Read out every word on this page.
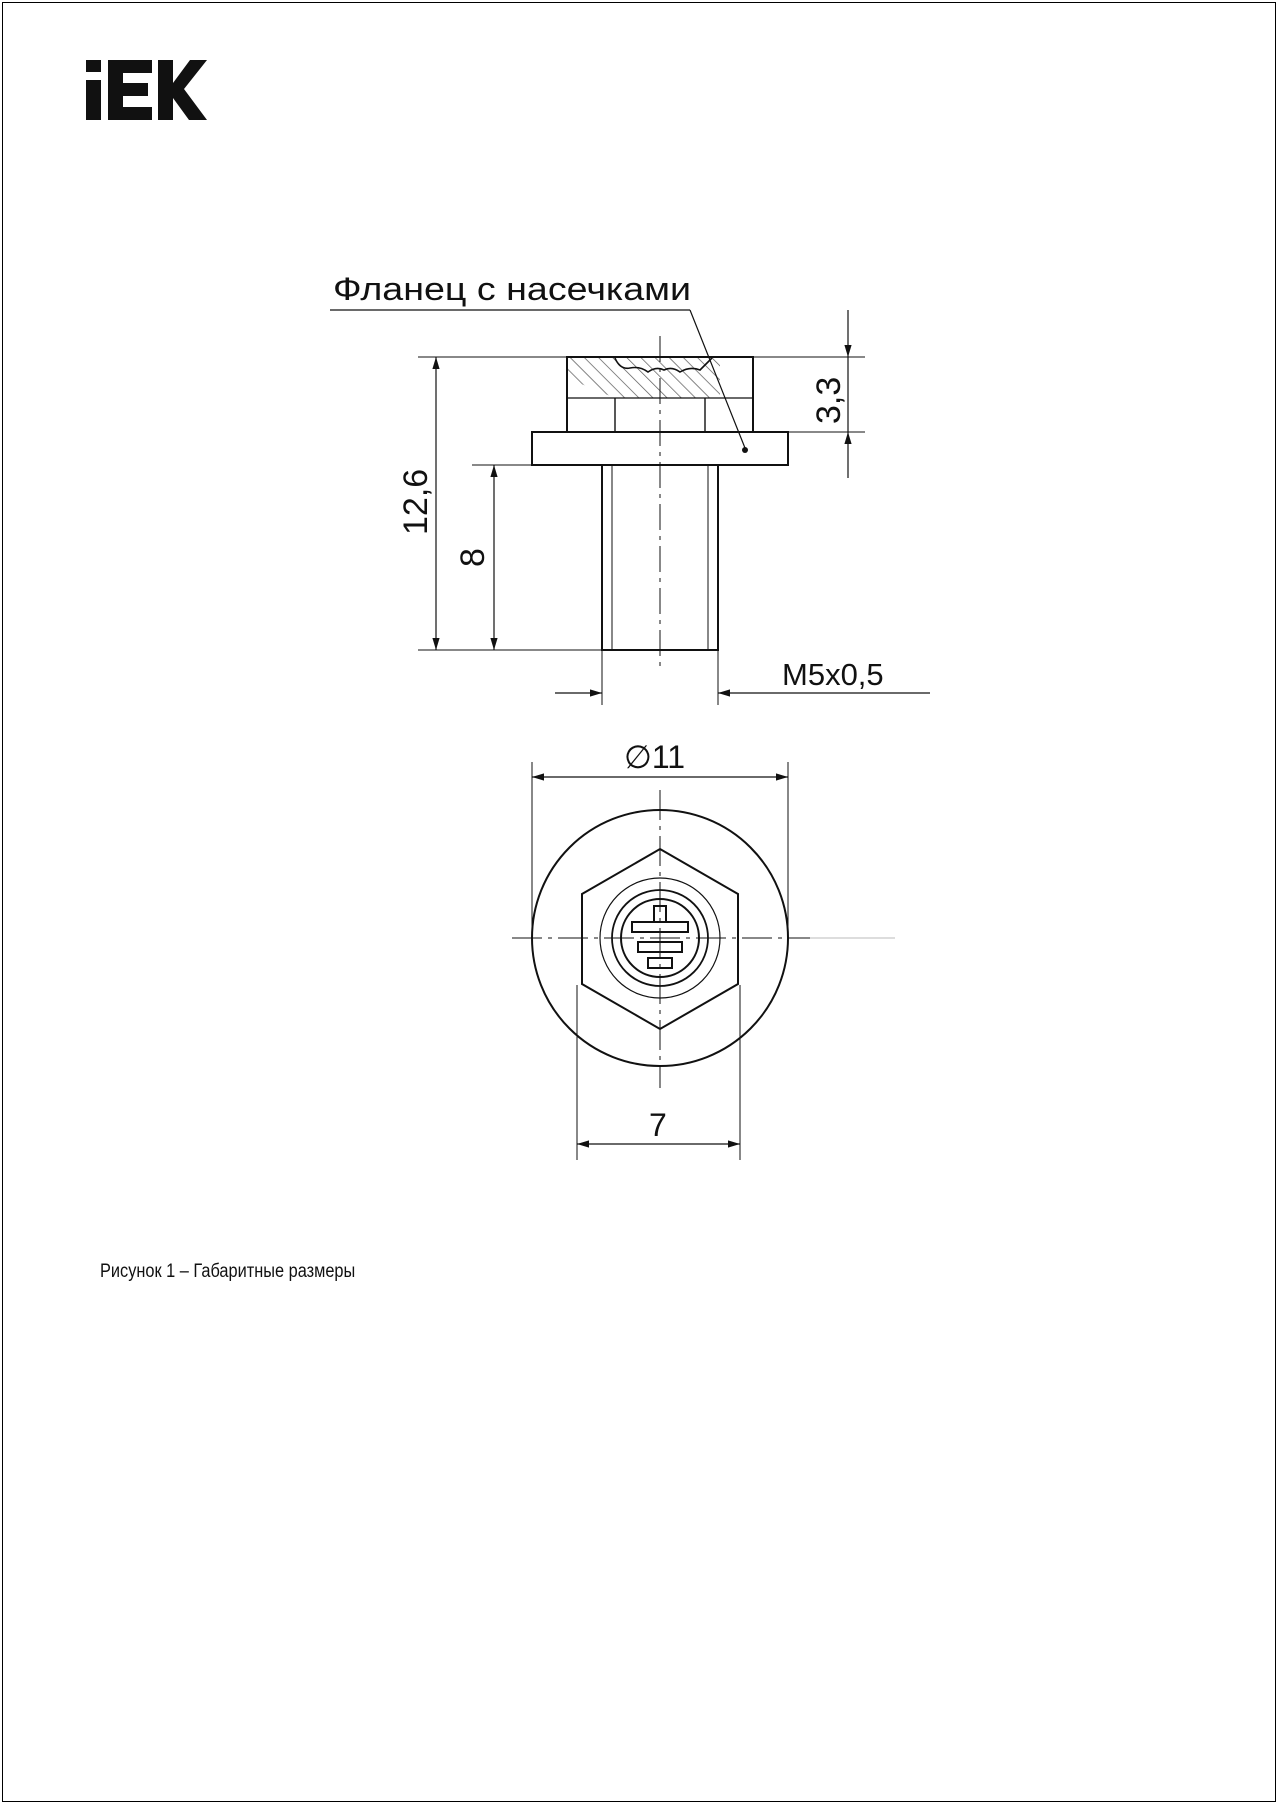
Фланец с насечками
12,6
8
3,3
M5x0,5
∅11
7
Рисунок 1 – Габаритные размеры
